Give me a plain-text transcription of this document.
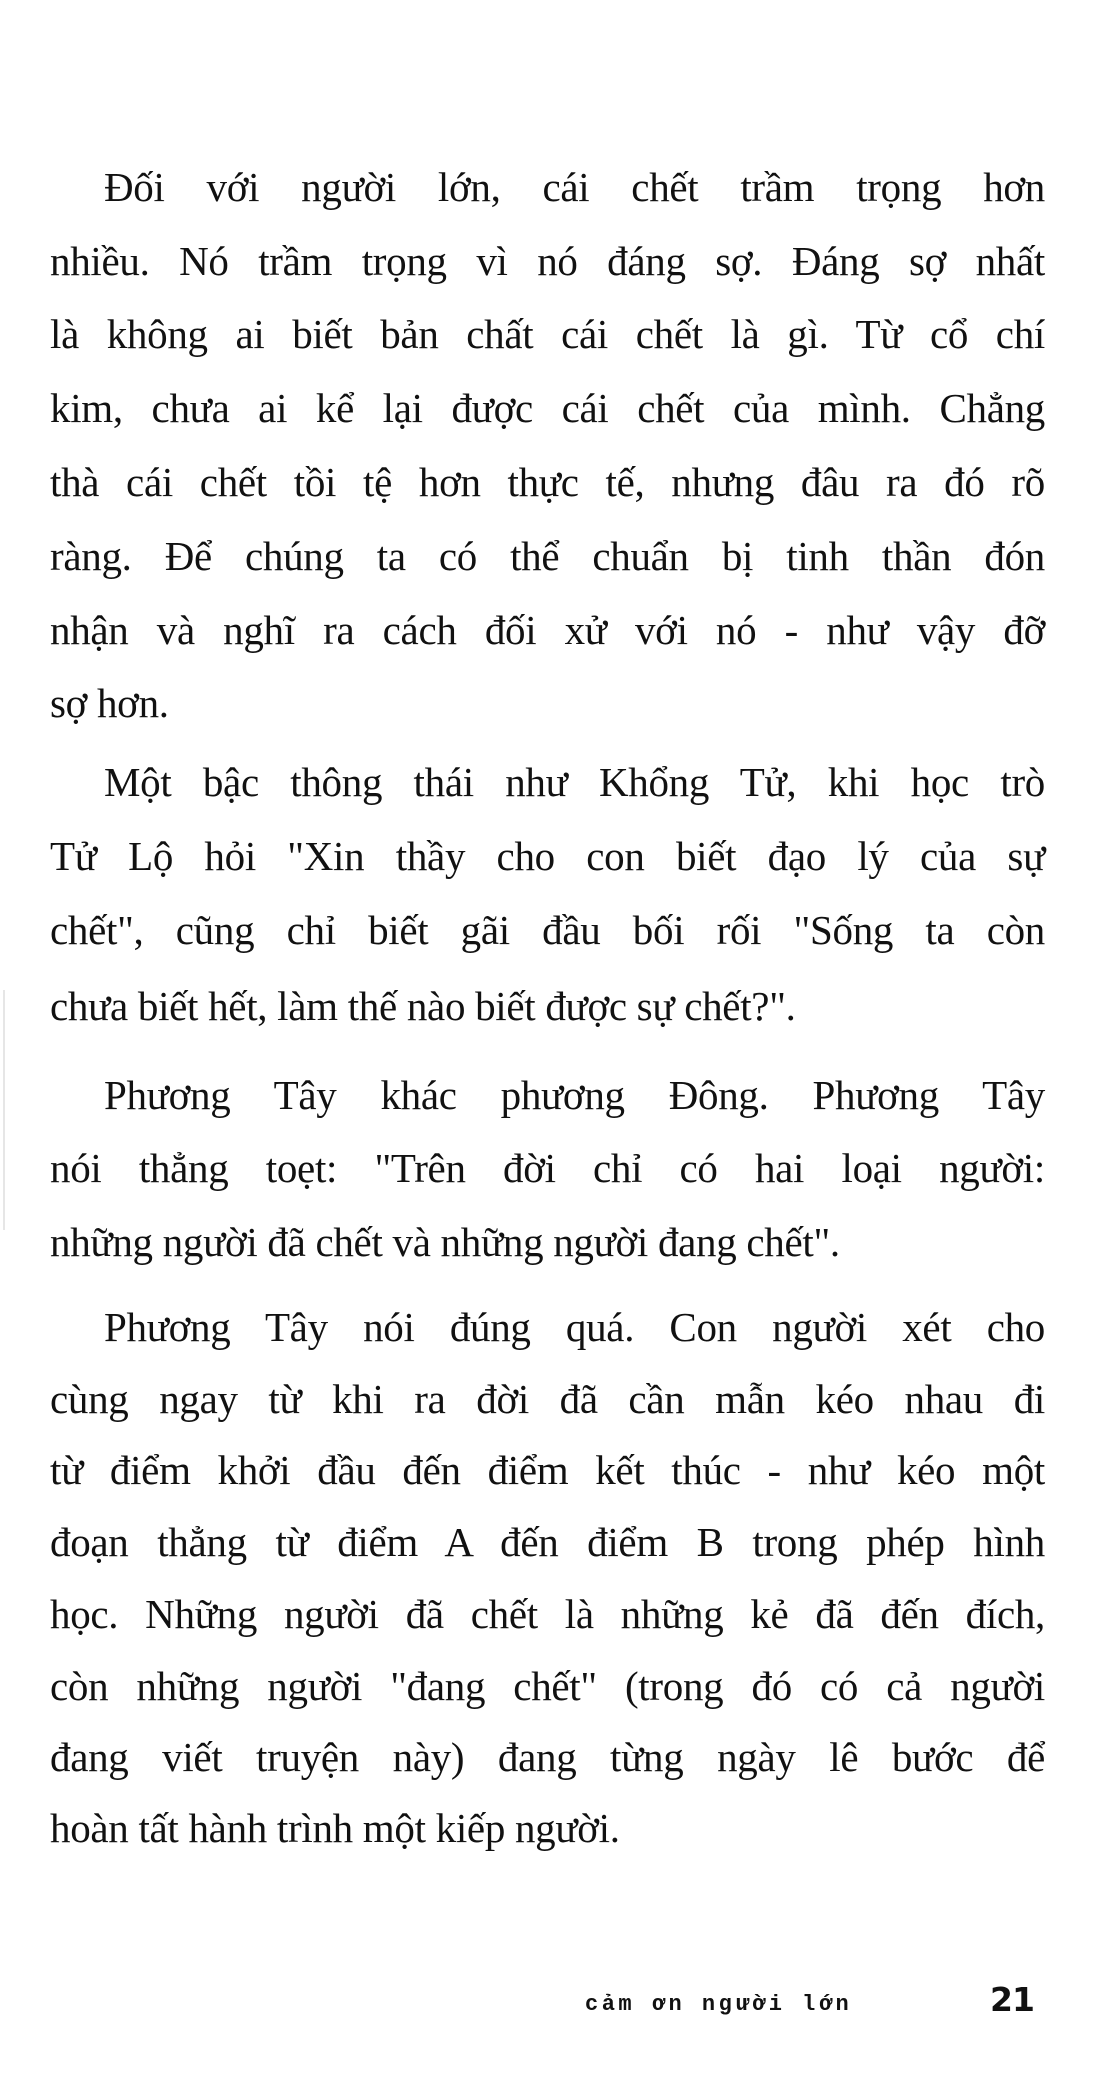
Đối với người lớn, cái chết trầm trọng hơn
nhiều. Nó trầm trọng vì nó đáng sợ. Đáng sợ nhất
là không ai biết bản chất cái chết là gì. Từ cổ chí
kim, chưa ai kể lại được cái chết của mình. Chẳng
thà cái chết tồi tệ hơn thực tế, nhưng đâu ra đó rõ
ràng. Để chúng ta có thể chuẩn bị tinh thần đón
nhận và nghĩ ra cách đối xử với nó - như vậy đỡ
sợ hơn.
Một bậc thông thái như Khổng Tử, khi học trò
Tử Lộ hỏi "Xin thầy cho con biết đạo lý của sự
chết", cũng chỉ biết gãi đầu bối rối "Sống ta còn
chưa biết hết, làm thế nào biết được sự chết?".
Phương Tây khác phương Đông. Phương Tây
nói thẳng toẹt: "Trên đời chỉ có hai loại người:
những người đã chết và những người đang chết".
Phương Tây nói đúng quá. Con người xét cho
cùng ngay từ khi ra đời đã cần mẫn kéo nhau đi
từ điểm khởi đầu đến điểm kết thúc - như kéo một
đoạn thẳng từ điểm A đến điểm B trong phép hình
học. Những người đã chết là những kẻ đã đến đích,
còn những người "đang chết" (trong đó có cả người
đang viết truyện này) đang từng ngày lê bước để
hoàn tất hành trình một kiếp người.
cảm ơn người lớn	21
